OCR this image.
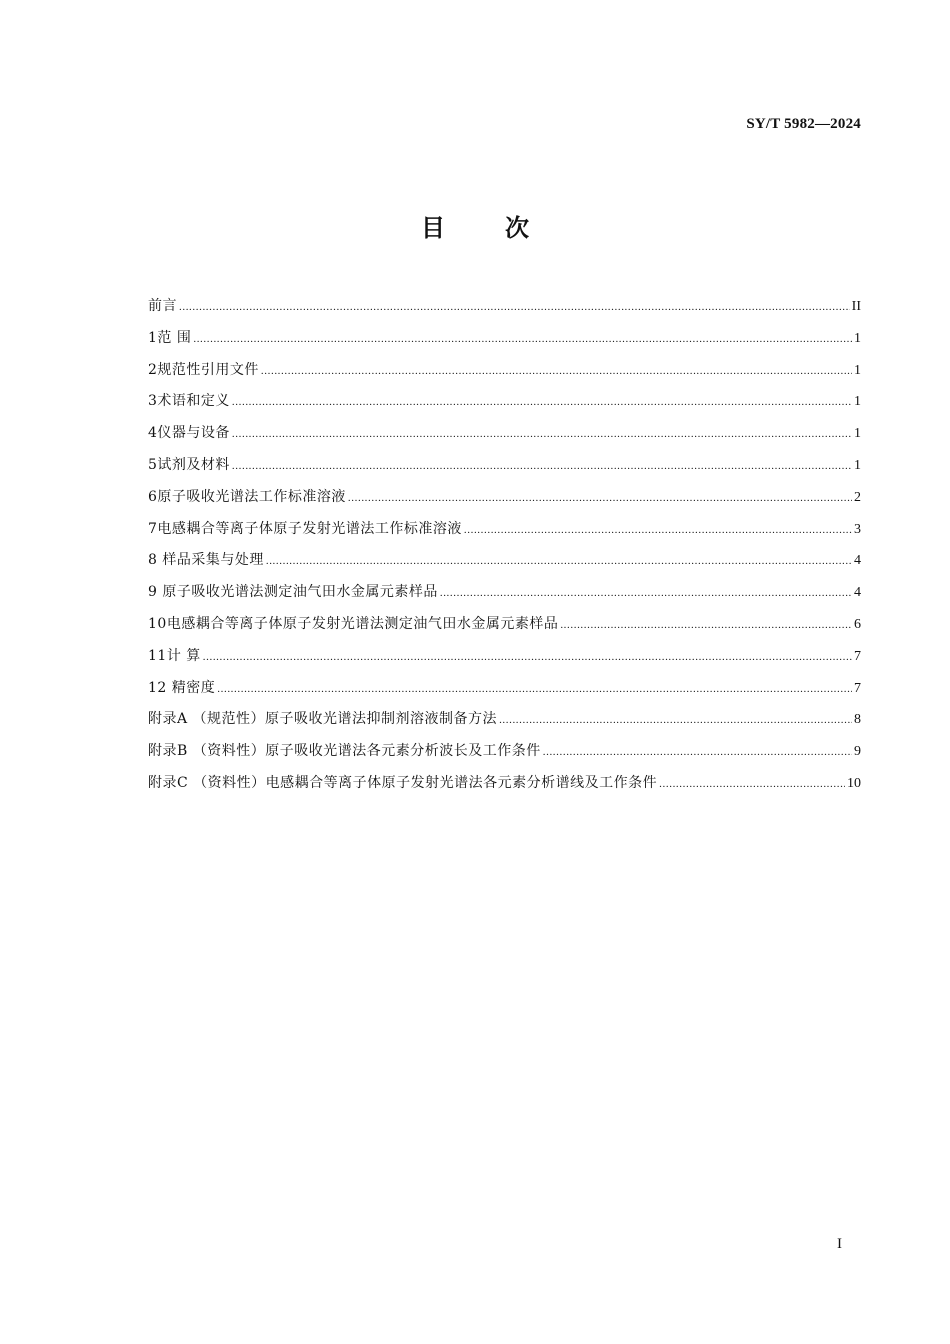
SY/T 5982—2024
目　次
前言 .....	II
1范 围 .....	1
2规范性引用文件 .....	1
3术语和定义 .....	1
4仪器与设备 .....	1
5试剂及材料 .....	1
6原子吸收光谱法工作标准溶液 .....	2
7电感耦合等离子体原子发射光谱法工作标准溶液 .....	3
8 样品采集与处理 .....	4
9 原子吸收光谱法测定油气田水金属元素样品 .....	4
10电感耦合等离子体原子发射光谱法测定油气田水金属元素样品 .....	6
11计 算 .....	7
12 精密度 .....	7
附录A （规范性）原子吸收光谱法抑制剂溶液制备方法 .....	8
附录B （资料性）原子吸收光谱法各元素分析波长及工作条件 .....	9
附录C （资料性）电感耦合等离子体原子发射光谱法各元素分析谱线及工作条件 .....	10
I
